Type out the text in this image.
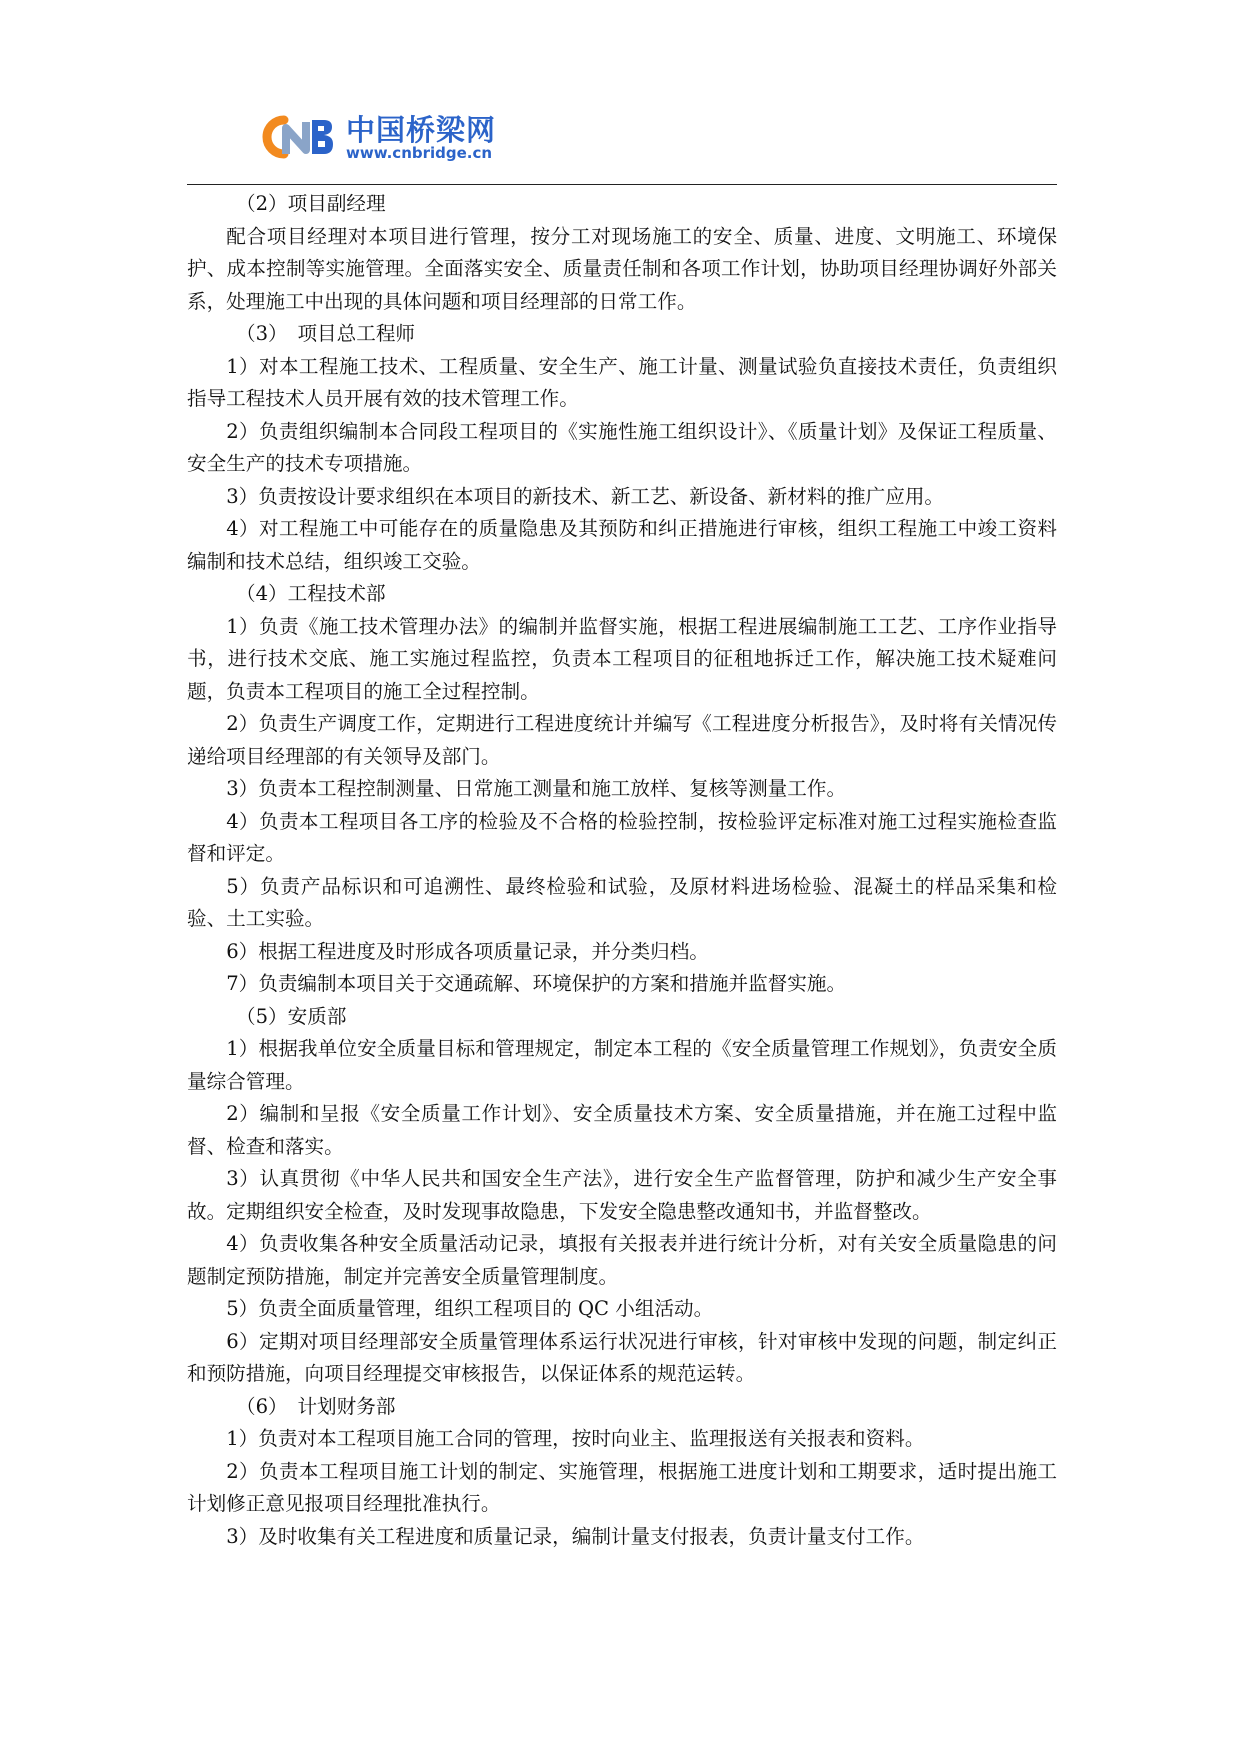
中国桥梁网
www.cnbridge.cn

（2）项目副经理

配合项目经理对本项目进行管理，按分工对现场施工的安全、质量、进度、文明施工、环境保护、成本控制等实施管理。全面落实安全、质量责任制和各项工作计划，协助项目经理协调好外部关系，处理施工中出现的具体问题和项目经理部的日常工作。

（3）　项目总工程师

1）对本工程施工技术、工程质量、安全生产、施工计量、测量试验负直接技术责任，负责组织指导工程技术人员开展有效的技术管理工作。

2）负责组织编制本合同段工程项目的《实施性施工组织设计》、《质量计划》及保证工程质量、安全生产的技术专项措施。

3）负责按设计要求组织在本项目的新技术、新工艺、新设备、新材料的推广应用。

4）对工程施工中可能存在的质量隐患及其预防和纠正措施进行审核，组织工程施工中竣工资料编制和技术总结，组织竣工交验。

（4）工程技术部

1）负责《施工技术管理办法》的编制并监督实施，根据工程进展编制施工工艺、工序作业指导书，进行技术交底、施工实施过程监控，负责本工程项目的征租地拆迁工作，解决施工技术疑难问题，负责本工程项目的施工全过程控制。

2）负责生产调度工作，定期进行工程进度统计并编写《工程进度分析报告》，及时将有关情况传递给项目经理部的有关领导及部门。

3）负责本工程控制测量、日常施工测量和施工放样、复核等测量工作。

4）负责本工程项目各工序的检验及不合格的检验控制，按检验评定标准对施工过程实施检查监督和评定。

5）负责产品标识和可追溯性、最终检验和试验，及原材料进场检验、混凝土的样品采集和检验、土工实验。

6）根据工程进度及时形成各项质量记录，并分类归档。

7）负责编制本项目关于交通疏解、环境保护的方案和措施并监督实施。

（5）安质部

1）根据我单位安全质量目标和管理规定，制定本工程的《安全质量管理工作规划》，负责安全质量综合管理。

2）编制和呈报《安全质量工作计划》、安全质量技术方案、安全质量措施，并在施工过程中监督、检查和落实。

3）认真贯彻《中华人民共和国安全生产法》，进行安全生产监督管理，防护和减少生产安全事故。定期组织安全检查，及时发现事故隐患，下发安全隐患整改通知书，并监督整改。

4）负责收集各种安全质量活动记录，填报有关报表并进行统计分析，对有关安全质量隐患的问题制定预防措施，制定并完善安全质量管理制度。

5）负责全面质量管理，组织工程项目的 QC 小组活动。

6）定期对项目经理部安全质量管理体系运行状况进行审核，针对审核中发现的问题，制定纠正和预防措施，向项目经理提交审核报告，以保证体系的规范运转。

（6）　计划财务部

1）负责对本工程项目施工合同的管理，按时向业主、监理报送有关报表和资料。

2）负责本工程项目施工计划的制定、实施管理，根据施工进度计划和工期要求，适时提出施工计划修正意见报项目经理批准执行。

3）及时收集有关工程进度和质量记录，编制计量支付报表，负责计量支付工作。
